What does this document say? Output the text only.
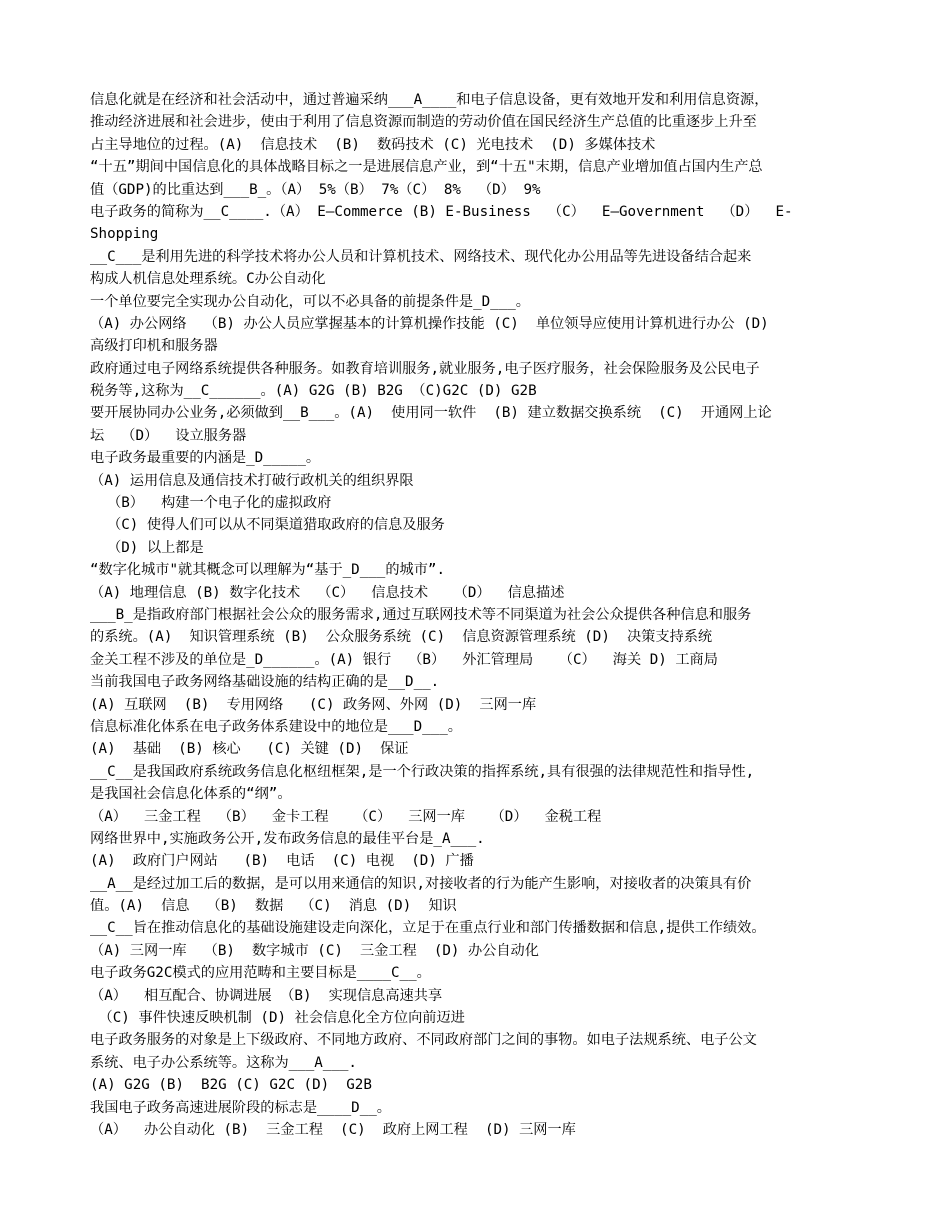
信息化就是在经济和社会活动中，通过普遍采纳___A____和电子信息设备，更有效地开发和利用信息资源，
推动经济进展和社会进步，使由于利用了信息资源而制造的劳动价值在国民经济生产总值的比重逐步上升至
占主导地位的过程。(A)  信息技术  (B)  数码技术 (C) 光电技术  (D) 多媒体技术
“十五”期间中国信息化的具体战略目标之一是进展信息产业，到“十五"末期，信息产业增加值占国内生产总
值（GDP)的比重达到___B_。（A） 5%（B） 7%（C） 8%  （D） 9%
电子政务的简称为__C____.（A） E—Commerce (B) E-Business  （C）  E—Government  （D）  E-
Shopping
__C___是利用先进的科学技术将办公人员和计算机技术、网络技术、现代化办公用品等先进设备结合起来
构成人机信息处理系统。C办公自动化
一个单位要完全实现办公自动化，可以不必具备的前提条件是_D___。
（A) 办公网络  （B) 办公人员应掌握基本的计算机操作技能 (C)  单位领导应使用计算机进行办公 (D)
高级打印机和服务器
政府通过电子网络系统提供各种服务。如教育培训服务,就业服务,电子医疗服务，社会保险服务及公民电子
税务等,这称为__C______。(A) G2G (B) B2G （C)G2C (D) G2B
要开展协同办公业务,必须做到__B___。(A)  使用同一软件  (B) 建立数据交换系统  (C)  开通网上论
坛  （D）  设立服务器
电子政务最重要的内涵是_D_____。
（A) 运用信息及通信技术打破行政机关的组织界限
（B）  构建一个电子化的虚拟政府
（C) 使得人们可以从不同渠道猎取政府的信息及服务
（D) 以上都是
“数字化城市"就其概念可以理解为“基于_D___的城市”.
（A) 地理信息 (B) 数字化技术  （C）  信息技术   （D）  信息描述
___B_是指政府部门根据社会公众的服务需求,通过互联网技术等不同渠道为社会公众提供各种信息和服务
的系统。(A)  知识管理系统 (B)  公众服务系统 (C)  信息资源管理系统 (D)  决策支持系统
金关工程不涉及的单位是_D______。(A) 银行  （B）  外汇管理局   （C）  海关 D) 工商局
当前我国电子政务网络基础设施的结构正确的是__D__.
(A) 互联网  (B)  专用网络   (C) 政务网、外网 (D)  三网一库
信息标准化体系在电子政务体系建设中的地位是___D___。
(A)  基础  (B) 核心   (C) 关键 (D)  保证
__C__是我国政府系统政务信息化枢纽框架,是一个行政决策的指挥系统,具有很强的法律规范性和指导性,
是我国社会信息化体系的“纲”。
（A）  三金工程  （B）  金卡工程   （C）  三网一库   （D）  金税工程
网络世界中,实施政务公开,发布政务信息的最佳平台是_A___.
(A)  政府门户网站   (B)  电话  (C) 电视  (D) 广播
__A__是经过加工后的数据，是可以用来通信的知识,对接收者的行为能产生影响，对接收者的决策具有价
值。(A)  信息  （B)  数据  （C)  消息 (D)  知识
__C__旨在推动信息化的基础设施建设走向深化，立足于在重点行业和部门传播数据和信息,提供工作绩效。
（A) 三网一库  （B)  数字城市 (C)  三金工程  (D) 办公自动化
电子政务G2C模式的应用范畴和主要目标是____C__。
（A）  相互配合、协调进展 （B)  实现信息高速共享
（C) 事件快速反映机制 (D) 社会信息化全方位向前迈进
电子政务服务的对象是上下级政府、不同地方政府、不同政府部门之间的事物。如电子法规系统、电子公文
系统、电子办公系统等。这称为___A___.
(A) G2G (B)  B2G (C) G2C (D)  G2B
我国电子政务高速进展阶段的标志是____D__。
（A）  办公自动化 (B)  三金工程  (C)  政府上网工程  (D) 三网一库
